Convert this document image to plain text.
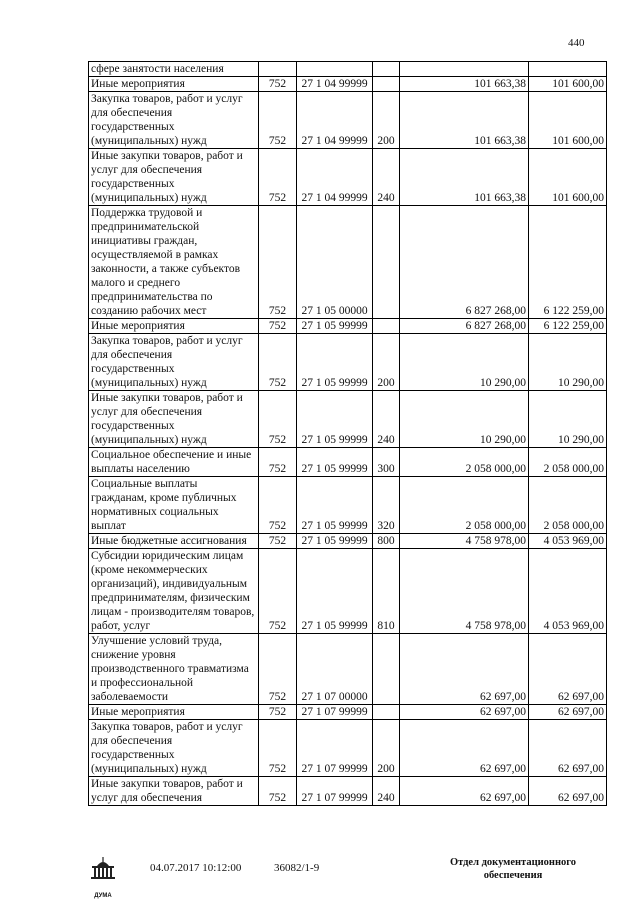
440
сфере занятости населения					
Иные мероприятия	752	27 1 04 99999		101 663,38	101 600,00
Закупка товаров, работ и услуг для обеспечения государственных (муниципальных) нужд	752	27 1 04 99999	200	101 663,38	101 600,00
Иные закупки товаров, работ и услуг для обеспечения государственных (муниципальных) нужд	752	27 1 04 99999	240	101 663,38	101 600,00
Поддержка трудовой и предпринимательской инициативы граждан, осуществляемой в рамках законности, а также субъектов малого и среднего предпринимательства по созданию рабочих мест	752	27 1 05 00000		6 827 268,00	6 122 259,00
Иные мероприятия	752	27 1 05 99999		6 827 268,00	6 122 259,00
Закупка товаров, работ и услуг для обеспечения государственных (муниципальных) нужд	752	27 1 05 99999	200	10 290,00	10 290,00
Иные закупки товаров, работ и услуг для обеспечения государственных (муниципальных) нужд	752	27 1 05 99999	240	10 290,00	10 290,00
Социальное обеспечение и иные выплаты населению	752	27 1 05 99999	300	2 058 000,00	2 058 000,00
Социальные выплаты гражданам, кроме публичных нормативных социальных выплат	752	27 1 05 99999	320	2 058 000,00	2 058 000,00
Иные бюджетные ассигнования	752	27 1 05 99999	800	4 758 978,00	4 053 969,00
Субсидии юридическим лицам (кроме некоммерческих организаций), индивидуальным предпринимателям, физическим лицам - производителям товаров, работ, услуг	752	27 1 05 99999	810	4 758 978,00	4 053 969,00
Улучшение условий труда, снижение уровня производственного травматизма и профессиональной заболеваемости	752	27 1 07 00000		62 697,00	62 697,00
Иные мероприятия	752	27 1 07 99999		62 697,00	62 697,00
Закупка товаров, работ и услуг для обеспечения государственных (муниципальных) нужд	752	27 1 07 99999	200	62 697,00	62 697,00
Иные закупки товаров, работ и услуг для обеспечения	752	27 1 07 99999	240	62 697,00	62 697,00
ДУМА
04.07.2017 10:12:00	36082/1-9	Отдел документационного обеспечения
